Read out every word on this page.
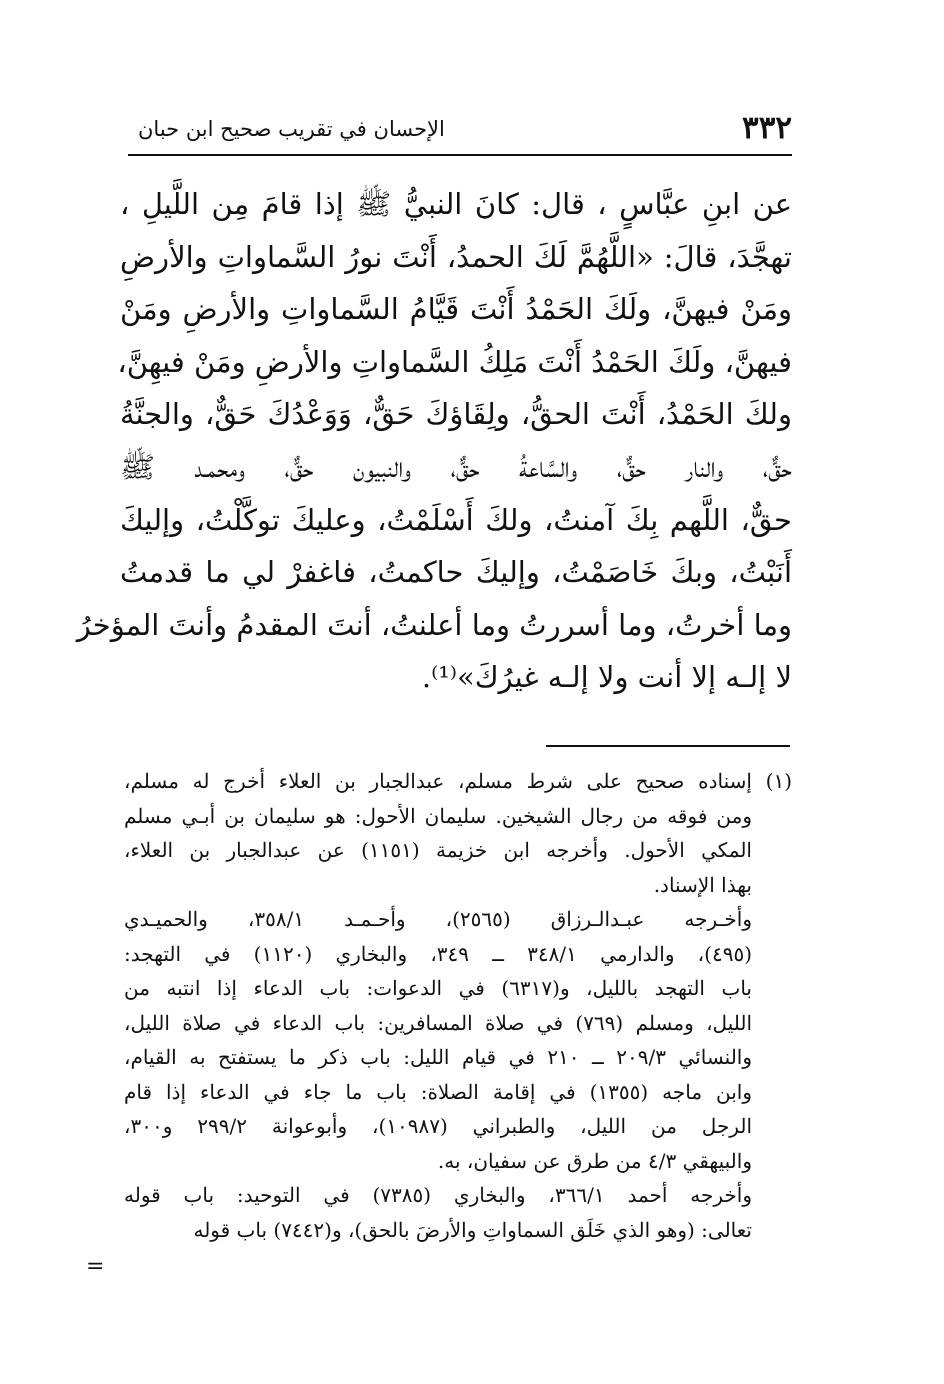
٣٣٢
الإحسان في تقريب صحيح ابن حبان
عن ابنِ عبَّاسٍ ، قال: كانَ النبيُّ ﷺ إذا قامَ مِن اللَّيلِ ،
تهجَّدَ، قالَ: «اللَّهُمَّ لَكَ الحمدُ، أَنْتَ نورُ السَّماواتِ والأرضِ
ومَنْ فيهنَّ، ولَكَ الحَمْدُ أَنْتَ قَيَّامُ السَّماواتِ والأرضِ ومَنْ
فيهنَّ، ولَكَ الحَمْدُ أَنْتَ مَلِكُ السَّماواتِ والأرضِ ومَنْ فيهِنَّ،
ولكَ الحَمْدُ، أَنْتَ الحقُّ، ولِقَاؤكَ حَقٌّ، وَوَعْدُكَ حَقٌّ، والجنَّةُ
حقٌّ، والنار حقٌّ، والسَّاعةُ حقٌّ، والنبيون حقٌّ، ومحمـد ﷺ
حقٌّ، اللَّهم بِكَ آمنتُ، ولكَ أَسْلَمْتُ، وعليكَ توكَّلْتُ، وإليكَ
أَنَبْتُ، وبكَ خَاصَمْتُ، وإليكَ حاكمتُ، فاغفرْ لي ما قدمتُ
وما أخرتُ، وما أسررتُ وما أعلنتُ، أنتَ المقدمُ وأنتَ المؤخرُ
لا إلـه إلا أنت ولا إلـه غيرُكَ»⁽¹⁾.
(١) إسناده صحيح على شرط مسلم، عبدالجبار بن العلاء أخرج له مسلم،
ومن فوقه من رجال الشيخين. سليمان الأحول: هو سليمان بن أبـي مسلم
المكي الأحول. وأخرجه ابن خزيمة (١١٥١) عن عبدالجبار بن العلاء،
بهذا الإسناد.
وأخـرجه عبـدالـرزاق (٢٥٦٥)، وأحـمـد ٣٥٨/١، والحميـدي
(٤٩٥)، والدارمي ٣٤٨/١ ــ ٣٤٩، والبخاري (١١٢٠) في التهجد:
باب التهجد بالليل، و(٦٣١٧) في الدعوات: باب الدعاء إذا انتبه من
الليل، ومسلم (٧٦٩) في صلاة المسافرين: باب الدعاء في صلاة الليل،
والنسائي ٢٠٩/٣ ــ ٢١٠ في قيام الليل: باب ذكر ما يستفتح به القيام،
وابن ماجه (١٣٥٥) في إقامة الصلاة: باب ما جاء في الدعاء إذا قام
الرجل من الليل، والطبراني (١٠٩٨٧)، وأبوعوانة ٢٩٩/٢ و٣٠٠،
والبيهقي ٤/٣ من طرق عن سفيان، به.
وأخرجه أحمد ٣٦٦/١، والبخاري (٧٣٨٥) في التوحيد: باب قوله
تعالى: (وهو الذي خَلَق السماواتِ والأرضَ بالحق)، و(٧٤٤٢) باب قوله
=
